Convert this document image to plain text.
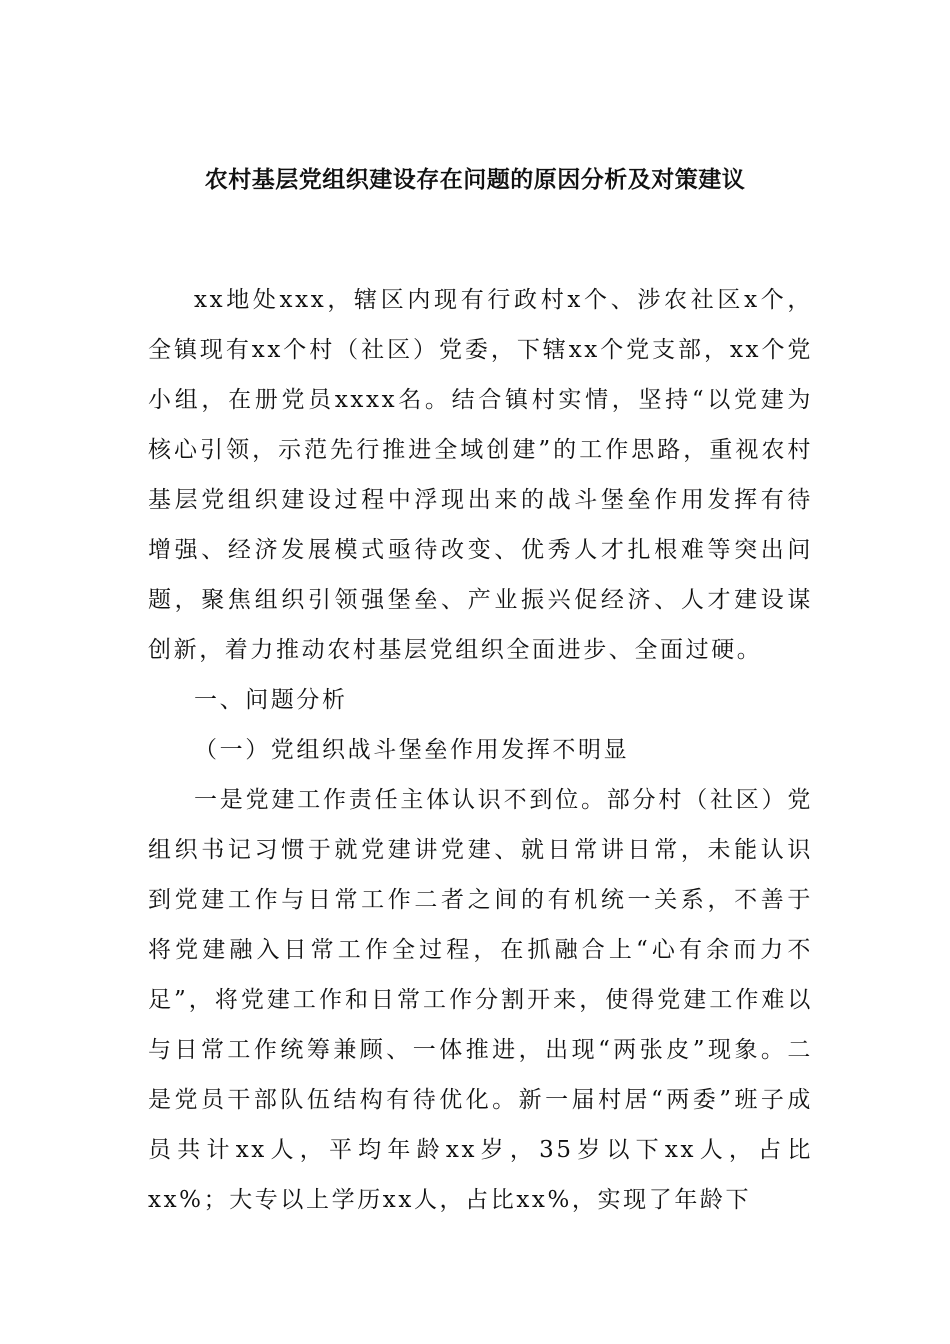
农村基层党组织建设存在问题的原因分析及对策建议

xx地处xxx，辖区内现有行政村x个、涉农社区x个，全镇现有xx个村（社区）党委，下辖xx个党支部，xx个党小组，在册党员xxxx名。结合镇村实情，坚持“以党建为核心引领，示范先行推进全域创建”的工作思路，重视农村基层党组织建设过程中浮现出来的战斗堡垒作用发挥有待增强、经济发展模式亟待改变、优秀人才扎根难等突出问题，聚焦组织引领强堡垒、产业振兴促经济、人才建设谋创新，着力推动农村基层党组织全面进步、全面过硬。

一、问题分析

（一）党组织战斗堡垒作用发挥不明显

一是党建工作责任主体认识不到位。部分村（社区）党组织书记习惯于就党建讲党建、就日常讲日常，未能认识到党建工作与日常工作二者之间的有机统一关系，不善于将党建融入日常工作全过程，在抓融合上“心有余而力不足”，将党建工作和日常工作分割开来，使得党建工作难以与日常工作统筹兼顾、一体推进，出现“两张皮”现象。二是党员干部队伍结构有待优化。新一届村居“两委”班子成员共计xx人，平均年龄xx岁，35岁以下xx人，占比xx%；大专以上学历xx人，占比xx%，实现了年龄下
